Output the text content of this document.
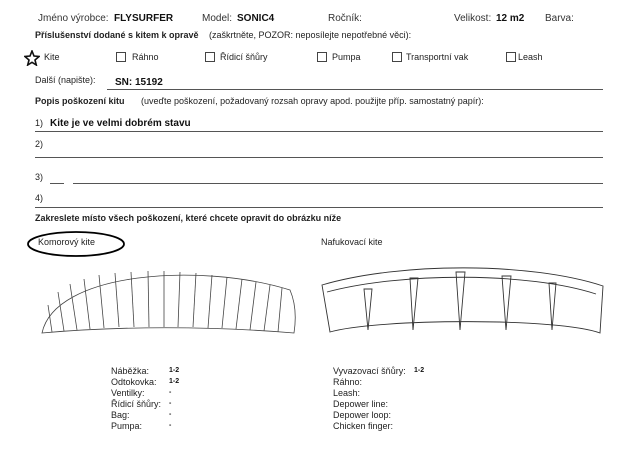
Jméno výrobce: FLYSURFER	Model: SONIC4	Ročník:	Velikost: 12 m2 Barva:
Příslušenství dodané s kitem k opravě (zaškrtněte, POZOR: neposílejte nepotřebné věci):
Kite	Ráhno	Řídicí šňůry	Pumpa	Transportní vak	Leash
Další (napište): SN: 15192
Popis poškození kitu (uveďte poškození, požadovaný rozsah opravy apod. použijte příp. samostatný papír):
1) Kite je ve velmi dobrém stavu
2)
3)
4)
Zakreslete místo všech poškození, které chcete opravit do obrázku níže
Komorový kite	Nafukovací kite
Náběžka:	1-2
Odtokovka: 1-2
Ventilky:	-
Řídicí šňůry: -
Bag:	-
Pumpa:	-
Vyvazovací šňůry: 1-2
Ráhno:
Leash:
Depower line:
Depower loop:
Chicken finger:
